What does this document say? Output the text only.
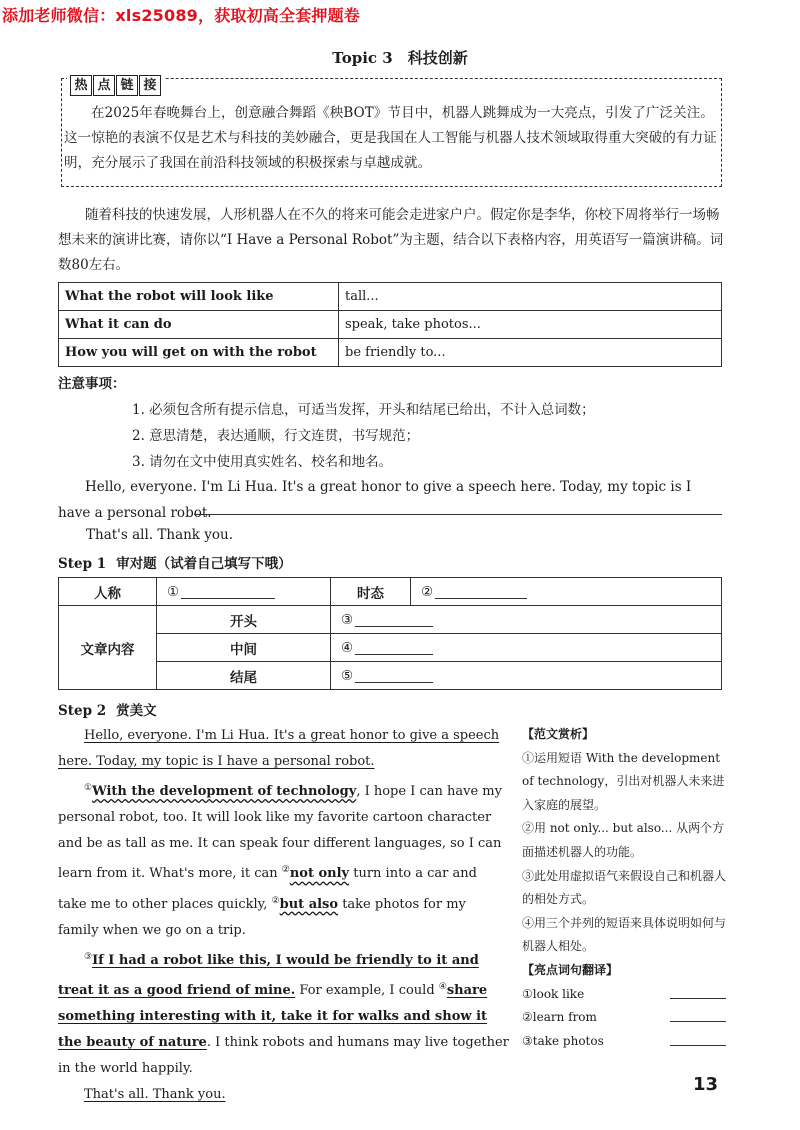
添加老师微信：xls25089，获取初高全套押题卷
Topic 3　科技创新
热 点 链 接
在2025年春晚舞台上，创意融合舞蹈《秧BOT》节目中，机器人跳舞成为一大亮点，引发了广泛关注。这一惊艳的表演不仅是艺术与科技的美妙融合，更是我国在人工智能与机器人技术领域取得重大突破的有力证明，充分展示了我国在前沿科技领域的积极探索与卓越成就。
随着科技的快速发展，人形机器人在不久的将来可能会走进家户户。假定你是李华，你校下周将举行一场畅想未来的演讲比赛，请你以“I Have a Personal Robot”为主题，结合以下表格内容，用英语写一篇演讲稿。词数80左右。
What the robot will look like	tall...
What it can do	speak, take photos...
How you will get on with the robot	be friendly to...
注意事项：
1. 必须包含所有提示信息，可适当发挥，开头和结尾已给出，不计入总词数；
2. 意思清楚，表达通顺，行文连贯，书写规范；
3. 请勿在文中使用真实姓名、校名和地名。
Hello, everyone. I'm Li Hua. It's a great honor to give a speech here. Today, my topic is I have a personal robot.
That's all. Thank you.
Step 1 审对题（试着自己填写下哦）
人称	①	时态	②
文章内容	开头	③	
	中间	④	
	结尾	⑤	
Step 2 赏美文

Hello, everyone. I'm Li Hua. It's a great honor to give a speech here. Today, my topic is I have a personal robot.

①With the development of technology, I hope I can have my personal robot, too. It will look like my favorite cartoon character and be as tall as me. It can speak four different languages, so I can learn from it. What's more, it can ②not only turn into a car and take me to other places quickly, ②but also take photos for my family when we go on a trip.

③If I had a robot like this, I would be friendly to it and treat it as a good friend of mine. For example, I could ④share something interesting with it, take it for walks and show it the beauty of nature. I think robots and humans may live together in the world happily.

That's all. Thank you.

【范文赏析】
①运用短语 With the development of technology，引出对机器人未来进入家庭的展望。
②用 not only... but also... 从两个方面描述机器人的功能。
③此处用虚拟语气来假设自己和机器人的相处方式。
④用三个并列的短语来具体说明如何与机器人相处。
【亮点词句翻译】
①look like
②learn from
③take photos
13
